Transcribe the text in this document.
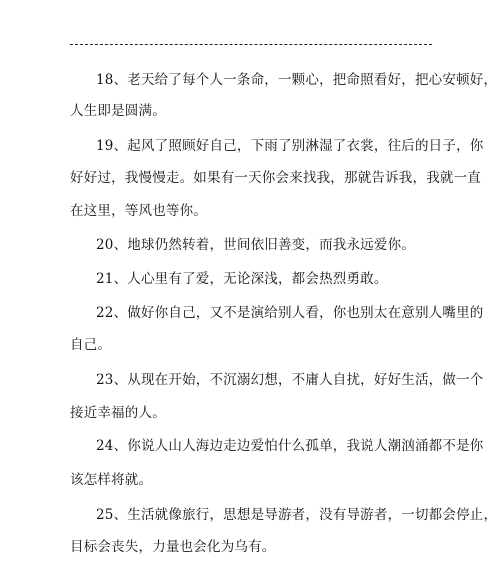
18、老天给了每个人一条命，一颗心，把命照看好，把心安顿好，
人生即是圆满。
19、起风了照顾好自己，下雨了别淋湿了衣裳，往后的日子，你
好好过，我慢慢走。如果有一天你会来找我，那就告诉我，我就一直
在这里，等风也等你。
20、地球仍然转着，世间依旧善变，而我永远爱你。
21、人心里有了爱，无论深浅，都会热烈勇敢。
22、做好你自己，又不是演给别人看，你也别太在意别人嘴里的
自己。
23、从现在开始，不沉溺幻想，不庸人自扰，好好生活，做一个
接近幸福的人。
24、你说人山人海边走边爱怕什么孤单，我说人潮汹涌都不是你
该怎样将就。
25、生活就像旅行，思想是导游者，没有导游者，一切都会停止，
目标会丧失，力量也会化为乌有。
